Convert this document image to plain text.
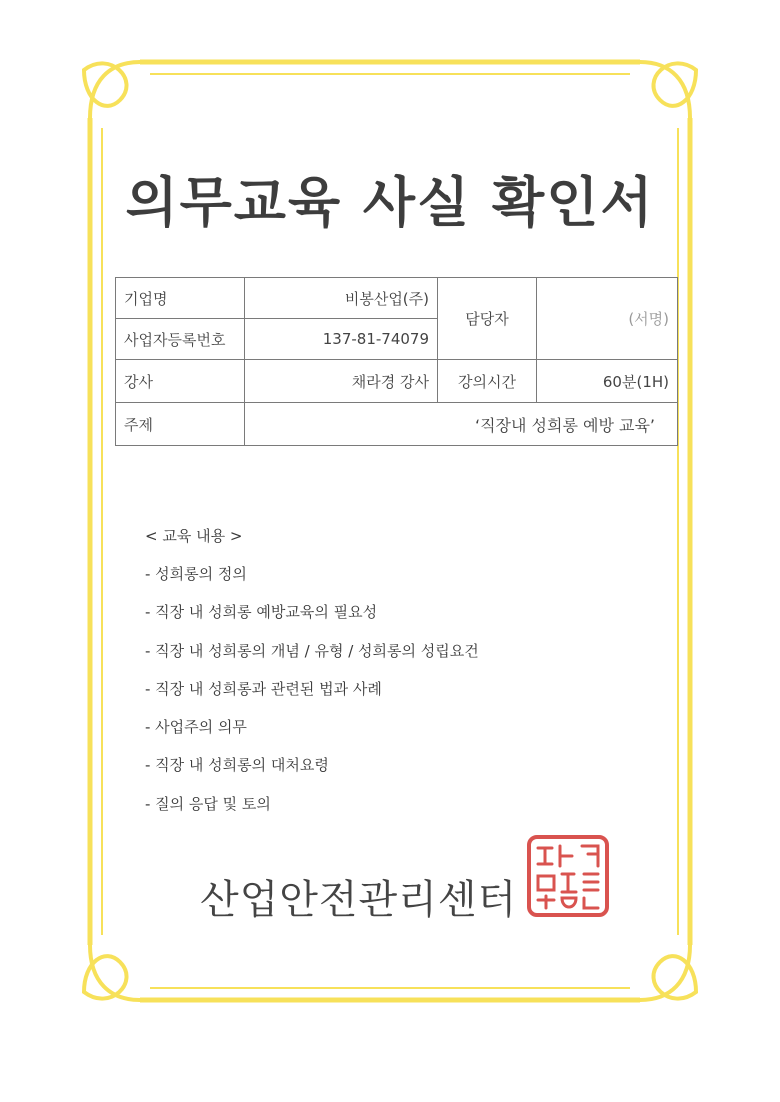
의무교육 사실 확인서
기업명	비봉산업(주)	담당자	(서명)
사업자등록번호	137-81-74079		
강사	채라경 강사	강의시간	60분(1H)
주제	‘직장내 성희롱 예방 교육’		
< 교육 내용 >
- 성희롱의 정의
- 직장 내 성희롱 예방교육의 필요성
- 직장 내 성희롱의 개념 / 유형 / 성희롱의 성립요건
- 직장 내 성희롱과 관련된 법과 사례
- 사업주의 의무
- 직장 내 성희롱의 대처요령
- 질의 응답 및 토의
산업안전관리센터
